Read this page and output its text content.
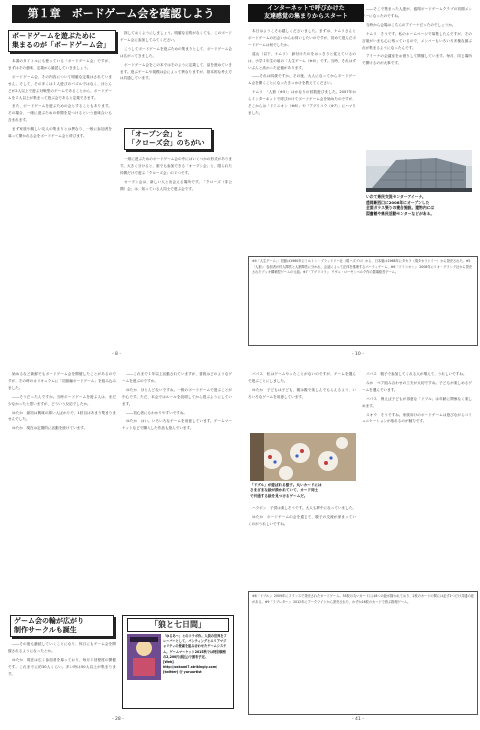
第１章　ボードゲーム会を確認しよう
ボードゲームを遊ぶために
集まるのが「ボードゲーム会」

本書のタイトルにも使っている「ボードゲーム会」ですが、まずはその意味、定義から確認していきましょう。

ボードゲーム会、その内容について明確な定義はされていません。そして、その多くは１人遊びのパズルではなく、ほとんどが2人以上で遊ぶ対戦型のゲームであることから、ボードゲームを２人以上が集まって遊ぶ会であると定義できます。

また、ボードゲームを遊ぶための会とすることもあります。その場合、一緒に遊ぶための仲間を見つけるという意味合いも含まれます。

まず家族や親しい友人の集まりとは異なり、一般に参加者を募って開かれる会をボードゲーム会と呼びます。

探しておくようにしましょう。明確な目的がなくても、このボードゲーム会に参加してみてください。

こうしてボードゲームを遊ぶための集まりとして、ボードゲーム会は広がってきました。

ボードゲーム会をこの本ではそのように定義して、話を進めていきます。遊ぶゲームや規模は会によって異なりますが、基本的な考え方は共通しています。

「オープン会」と
「クローズ会」のちがい

一緒に遊ぶためのボードゲーム会の中にはいくつかの形式があります。大きく分けると、誰でも参加できる「オープン会」と、限られた仲間だけで遊ぶ「クローズ会」の２つです。

オープン会は、新しい人と出会える場所です。「クローズ（非公開）会」は、知っている人同士で遊ぶ会です。

- 8 -
インターネットで呼びかけた
友達感覚の集まりからスタート

本日はようこそお越しくださいました。まずは、ケムリさんとボードゲームの出会いからお伺いしたいのですが、初めて遊んだボードゲームは何でしたか。

遠山（以下、ケムリ）　跡付けたのをはっきりと覚えているのは、小学１年生の頃の「人生ゲーム（※4）」です。当時、それはずいぶんと高かった記憶があります。

――それは四歳ですか。その後、大人になってからボードゲーム会を開くことになったきっかけを教えてください。

ケムリ　「人狼（※5）」はかなりの回数遊びました。2007年からインターネットで呼びかけてボードゲーム会を始めたのですが、そこからは「ドミニオン（※6）」や「アグリコラ（※7）」にハマりました。

――そこで集まった人達が、盛岡ボードゲームクラブの初期メンバーになったのですね。

当時から会場はこちらのアイーナだったのでしょうか。

ケムリ　そうです。私のホームページで募集したんですが、その言葉がいまも心に残っているので、メンバーもいろいろ多様な顔ぶれが集まるようになったんです。

アイーナの会議室をお借りして開催しています。毎月、同じ場所で開けるのが大事です。

いわて県民交流センターアイーナ。
盛岡駅西口に2006年にオープンした
全面ガラス張りの複合施設。建物内には
図書館や県民活動センターなどがある。
※4「人生ゲーム」：初版は1960年にミルトン・ブラッドリー社（現ハズブロ）から、日本版は1968年にタカラ（現タカラトミー）から発売された。※5「人狼」：参加者が村人陣営と人狼陣営に分かれ、会話によって正体を推理するパーティゲーム。※6「ドミニオン」：2008年にリオ・グランデ社から発売されたデッキ構築型ゲームの元祖。※7「アグリコラ」：ウヴェ・ローゼンベルク作の農場経営ゲーム。
- 10 -

始めるなど新鮮でもボードゲーム会を開催したことがあるのですが、その時のカリキュラムに「初級編ボードゲーム」を組み込みました。

――そうだったんですか。当時ボードゲームを遊ぶ人は、まだ少なかったと思いますが、どういう反応でしたか。

ゆたか　最初は興味の薄い人ばかりで、1回目はあまり集まりませんでした。

ゆたか　現在は定期的に活動を続けています。

ゲーム会の輪が広がり
制作サークルも誕生

――その後も継続していくことになり、休日にもゲーム会を開催されるようになったとか。

ゆたか　現在は広く参加者を募っており、毎月１回程度の開催です。これまでに約30人くらい。多い時は50人以上が集まります。

――これまで１年以上活動されていますが、普段はどのようなゲームを遊ぶのですか。

ゆたか　ほとんどないですね。一般のボードゲームで遊ぶことが中心です。ただ、本会ではルールを説明してから遊ぶようにしています。

――初心者にもわかりやすいですね。

ゆたか　はい。いろいろなゲームを用意しています。ゲームマーケットなどで購入した作品も遊んでいます。

「狼と七日間」
「ゆるあ〜」とのコラボ作。人狼の世界をフレーバーとして、パンティングとエリアマジョリティの要素を組み合わせたゲームシステム。ゲームマーケット2015秋では特別価格の2,200円(税込)で頒布予定。
[Web] http://ookami7.strikingly.com/
[twitter] @ yuruartist
- 28 -

パパス　私はゲームやったことがないのですが、ゲームを選んで遊ぶことにしました。

ゆたか　子どもは子ども、親は親で楽しんでもらえるよう、いろいろなゲームを用意しています。

「ドブル」が遊ばれる様子。丸いカードには
さまざまな絵が描かれていて、カード同士
で共通する絵を見つけるゲームだ。

ハラポン　子供は楽しそうです。大人も夢中になっていました。

ゆたか　ボードゲームの会を通じて、親子の交流が深まっていくのがうれしいですね。

パパス　親子で参加してくれる人が増えて、うれしいですね。

みか　ペア組み合わせの工夫が大切ですね。子どもが楽しめるゲームを選んでいます。

パパス　例えば子どもが得意な「ドブル」は年齢に関係なく楽しめます。

スオウ　そうですね。家族向けのボードゲームは遊びながらコミュニケーションが取れるのが魅力です。

※8「ドブル」：2009年にフランスで発売されたカードゲーム。55枚の丸いカードには8つの絵が描かれており、2枚のカードの間には必ず1つだけ共通の絵がある。※9「ラブレター」：2012年にアークライトから発売された、わずか16枚のカードで遊ぶ推理ゲーム。
- 41 -
